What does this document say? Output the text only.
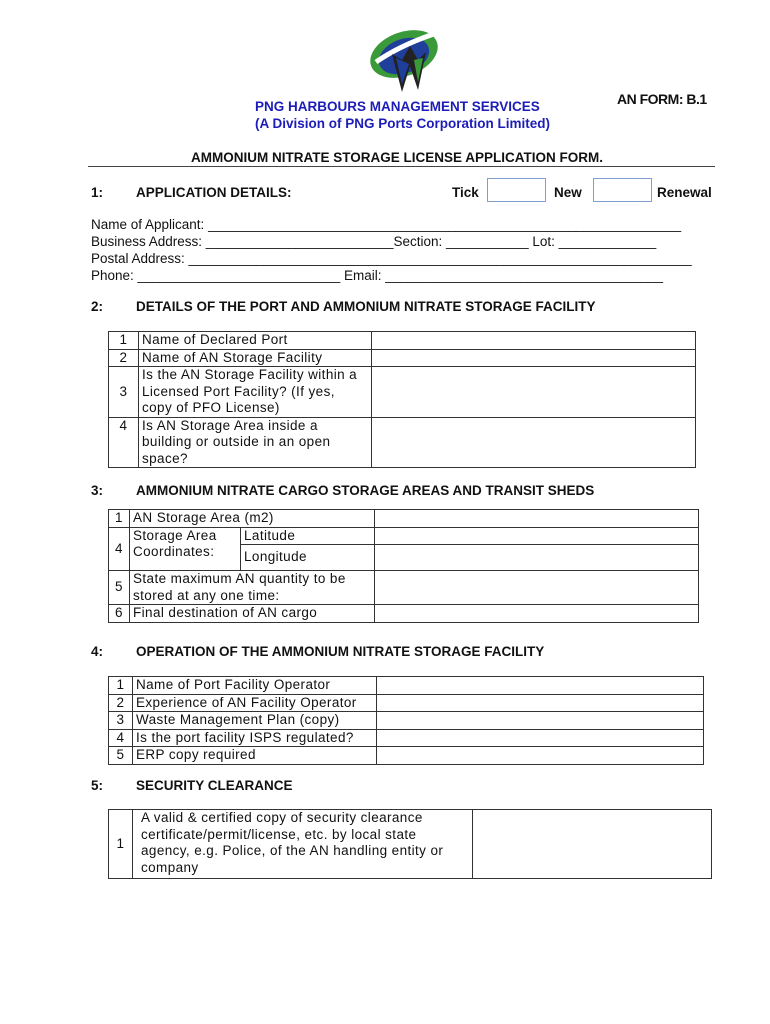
PNG HARBOURS MANAGEMENT SERVICES
(A Division of PNG Ports Corporation Limited)
AN FORM: B.1
AMMONIUM NITRATE STORAGE LICENSE APPLICATION FORM.
1: APPLICATION DETAILS:	Tick	New	Renewal
Name of Applicant: _______________________________________________________________
Business Address: _________________________Section: ___________ Lot: _____________
Postal Address: ___________________________________________________________________
Phone: ___________________________ Email: _____________________________________
2: DETAILS OF THE PORT AND AMMONIUM NITRATE STORAGE FACILITY
1	Name of Declared Port	
2	Name of AN Storage Facility	
3	Is the AN Storage Facility within a Licensed Port Facility? (If yes, copy of PFO License)	
4	Is AN Storage Area inside a building or outside in an open space?	
3: AMMONIUM NITRATE CARGO STORAGE AREAS AND TRANSIT SHEDS
1	AN Storage Area (m2)		
4	Storage Area Coordinates:	Latitude	
		Longitude	
5	State maximum AN quantity to be stored at any one time:		
6	Final destination of AN cargo		
4: OPERATION OF THE AMMONIUM NITRATE STORAGE FACILITY
1	Name of Port Facility Operator	
2	Experience of AN Facility Operator	
3	Waste Management Plan (copy)	
4	Is the port facility ISPS regulated?	
5	ERP copy required	
5: SECURITY CLEARANCE
1	A valid & certified copy of security clearance certificate/permit/license, etc. by local state agency, e.g. Police, of the AN handling entity or company	
